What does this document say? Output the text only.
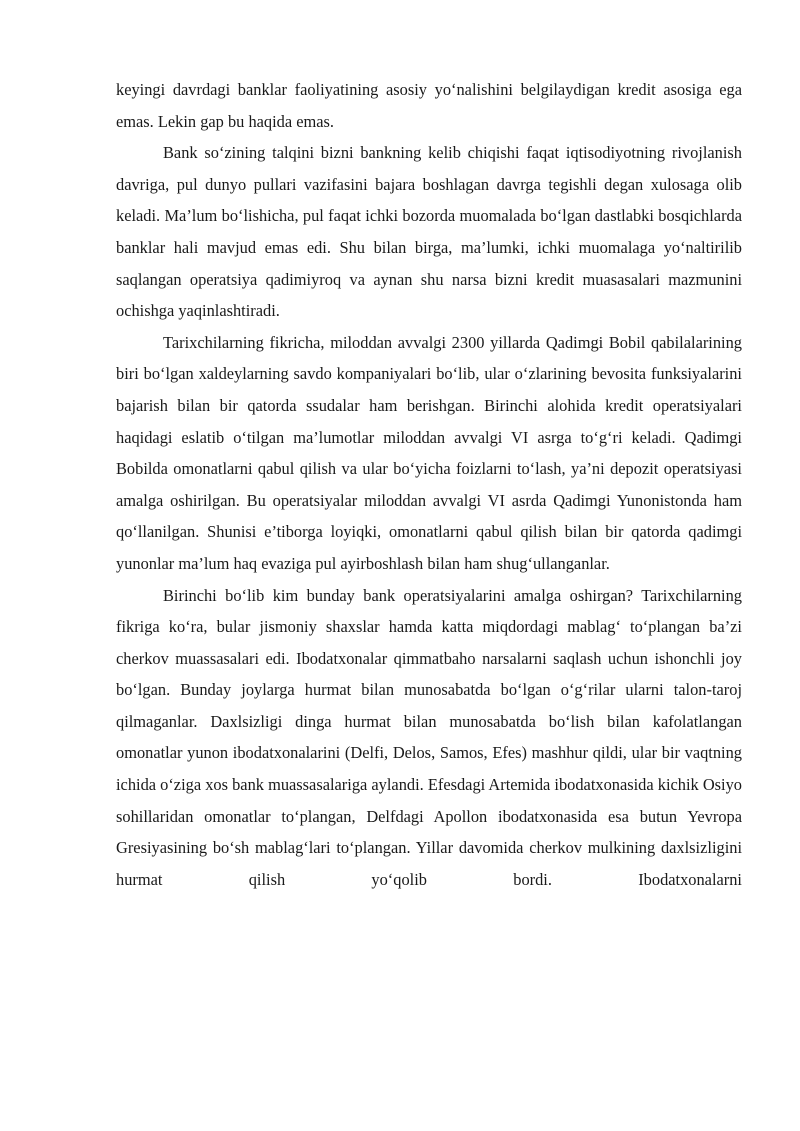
keyingi davrdagi banklar faoliyatining asosiy yo‘nalishini belgilaydigan kredit asosiga ega emas. Lekin gap bu haqida emas.

Bank so‘zining talqini bizni bankning kelib chiqishi faqat iqtisodiyotning rivojlanish davriga, pul dunyo pullari vazifasini bajara boshlagan davrga tegishli degan xulosaga olib keladi. Ma’lum bo‘lishicha, pul faqat ichki bozorda muomalada bo‘lgan dastlabki bosqichlarda banklar hali mavjud emas edi. Shu bilan birga, ma’lumki, ichki muomalaga yo‘naltirilib saqlangan operatsiya qadimiyroq va aynan shu narsa bizni kredit muasasalari mazmunini ochishga yaqinlashtiradi.

Tarixchilarning fikricha, miloddan avvalgi 2300 yillarda Qadimgi Bobil qabilalarining biri bo‘lgan xaldeylarning savdo kompaniyalari bo‘lib, ular o‘zlarining bevosita funksiyalarini bajarish bilan bir qatorda ssudalar ham berishgan. Birinchi alohida kredit operatsiyalari haqidagi eslatib o‘tilgan ma’lumotlar miloddan avvalgi VI asrga to‘g‘ri keladi. Qadimgi Bobilda omonatlarni qabul qilish va ular bo‘yicha foizlarni to‘lash, ya’ni depozit operatsiyasi amalga oshirilgan. Bu operatsiyalar miloddan avvalgi VI asrda Qadimgi Yunonistonda ham qo‘llanilgan. Shunisi e’tiborga loyiqki, omonatlarni qabul qilish bilan bir qatorda qadimgi yunonlar ma’lum haq evaziga pul ayirboshlash bilan ham shug‘ullanganlar.

Birinchi bo‘lib kim bunday bank operatsiyalarini amalga oshirgan? Tarixchilarning fikriga ko‘ra, bular jismoniy shaxslar hamda katta miqdordagi mablag‘ to‘plangan ba’zi cherkov muassasalari edi. Ibodatxonalar qimmatbaho narsalarni saqlash uchun ishonchli joy bo‘lgan. Bunday joylarga hurmat bilan munosabatda bo‘lgan o‘g‘rilar ularni talon-taroj qilmaganlar. Daxlsizligi dinga hurmat bilan munosabatda bo‘lish bilan kafolatlangan omonatlar yunon ibodatxonalarini (Delfi, Delos, Samos, Efes) mashhur qildi, ular bir vaqtning ichida o‘ziga xos bank muassasalariga aylandi. Efesdagi Artemida ibodatxonasida kichik Osiyo sohillaridan omonatlar to‘plangan, Delfdagi Apollon ibodatxonasida esa butun Yevropa Gresiyasining bo‘sh mablag‘lari to‘plangan. Yillar davomida cherkov mulkining daxlsizligini hurmat qilish yo‘qolib bordi. Ibodatxonalarni
